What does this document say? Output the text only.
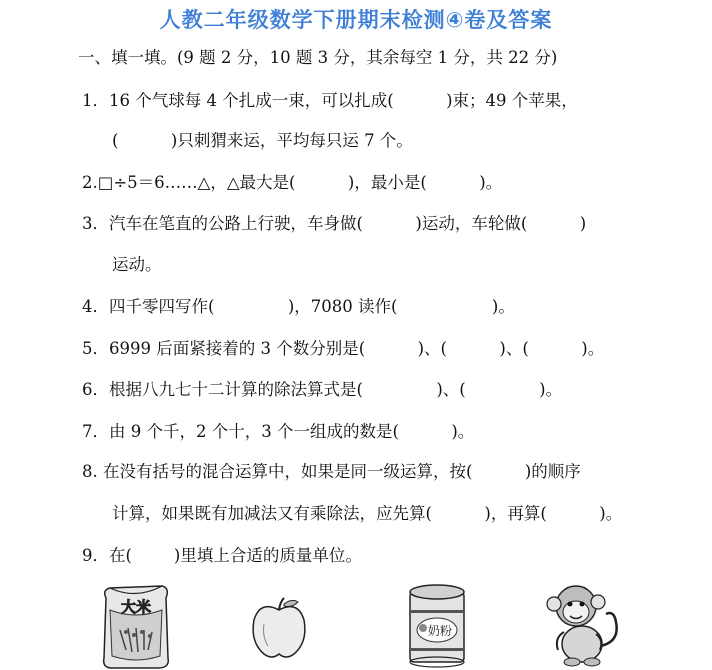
人教二年级数学下册期末检测④卷及答案
一、填一填。(9 题 2 分，10 题 3 分，其余每空 1 分，共 22 分)
1．16 个气球每 4 个扎成一束，可以扎成(          )束；49 个苹果，
(          )只刺猬来运，平均每只运 7 个。
2.□÷5＝6……△，△最大是(          )，最小是(          )。
3．汽车在笔直的公路上行驶，车身做(          )运动，车轮做(          )
运动。
4．四千零四写作(              )，7080 读作(                  )。
5．6999 后面紧接着的 3 个数分别是(          )、(          )、(          )。
6．根据八九七十二计算的除法算式是(              )、(              )。
7．由 9 个千，2 个十，3 个一组成的数是(          )。
8. 在没有括号的混合运算中，如果是同一级运算，按(          )的顺序
计算，如果既有加减法又有乘除法，应先算(          )，再算(          )。
9．在(        )里填上合适的质量单位。
大米
奶粉
